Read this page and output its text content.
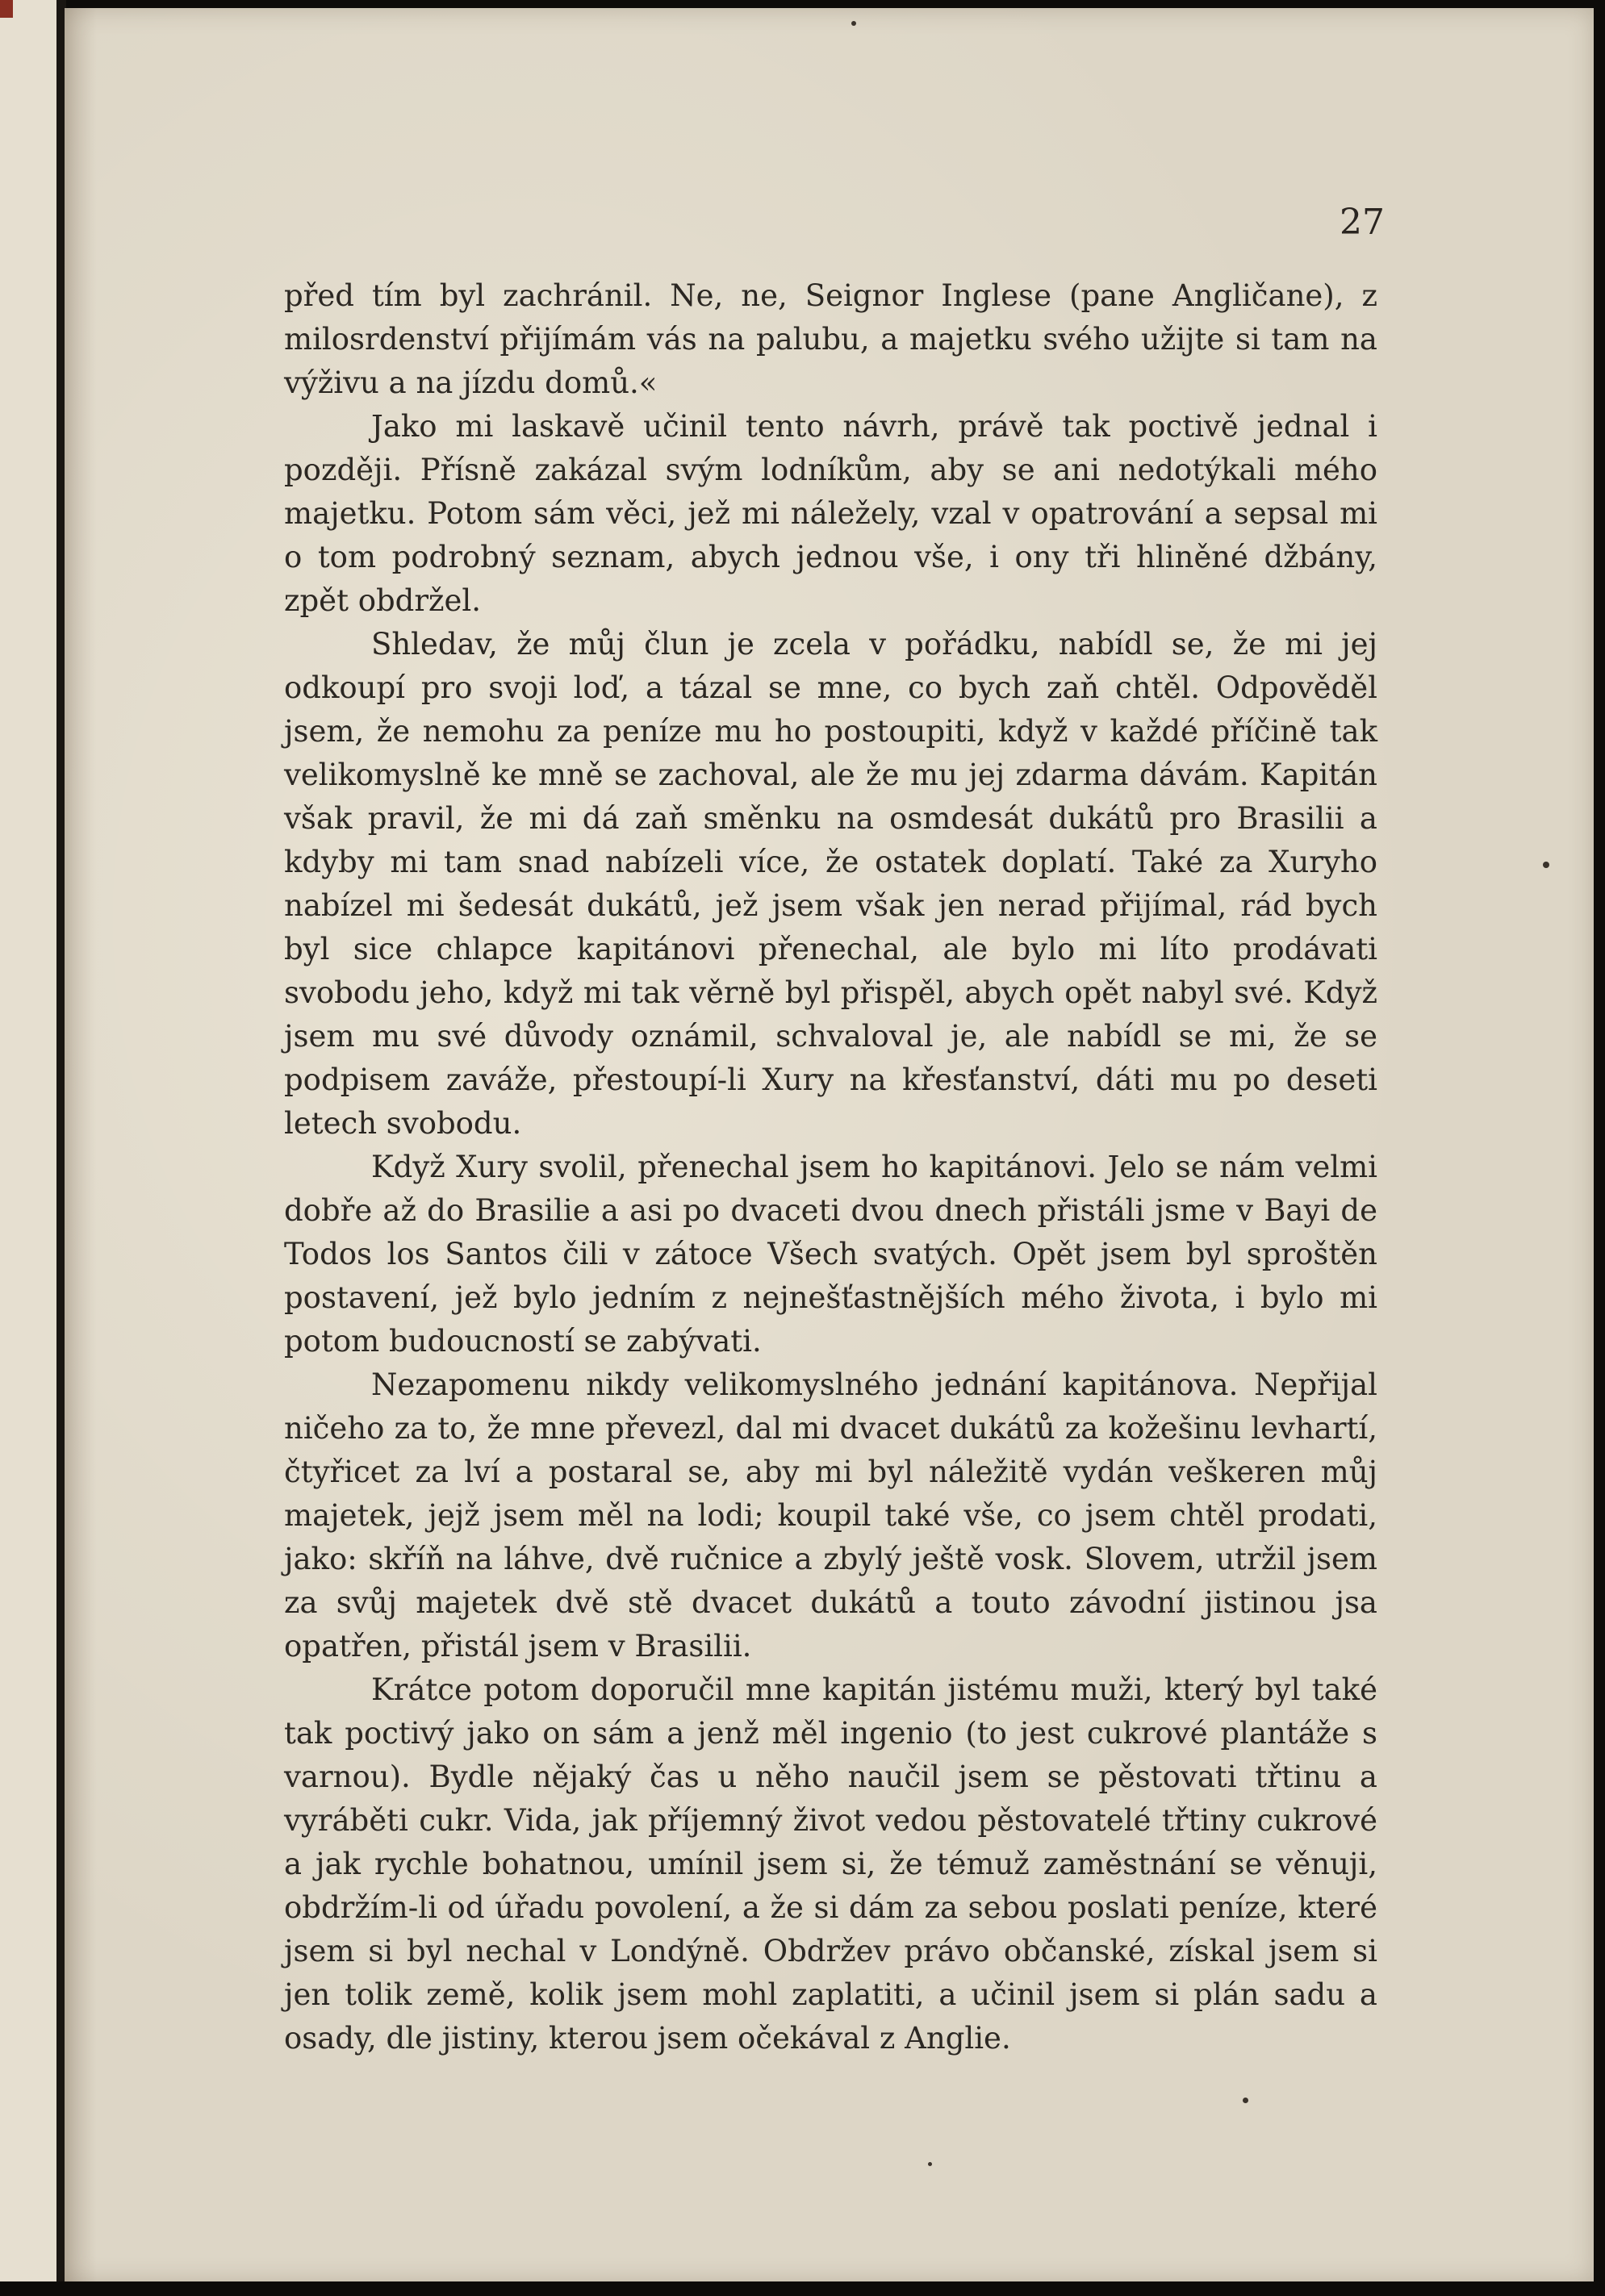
27

před tím byl zachránil. Ne, ne, Seignor Inglese (pane Angličane), z milosrdenství přijímám vás na palubu, a majetku svého užijte si tam na výživu a na jízdu domů.«

Jako mi laskavě učinil tento návrh, právě tak poctivě jednal i později. Přísně zakázal svým lodníkům, aby se ani nedotýkali mého majetku. Potom sám věci, jež mi náležely, vzal v opatrování a sepsal mi o tom podrobný seznam, abych jednou vše, i ony tři hliněné džbány, zpět obdržel.

Shledav, že můj člun je zcela v pořádku, nabídl se, že mi jej odkoupí pro svoji loď, a tázal se mne, co bych zaň chtěl. Odpověděl jsem, že nemohu za peníze mu ho postoupiti, když v každé příčině tak velikomyslně ke mně se zachoval, ale že mu jej zdarma dávám. Kapitán však pravil, že mi dá zaň směnku na osmdesát dukátů pro Brasilii a kdyby mi tam snad nabízeli více, že ostatek doplatí. Také za Xuryho nabízel mi šedesát dukátů, jež jsem však jen nerad přijímal, rád bych byl sice chlapce kapitánovi přenechal, ale bylo mi líto prodávati svobodu jeho, když mi tak věrně byl přispěl, abych opět nabyl své. Když jsem mu své důvody oznámil, schvaloval je, ale nabídl se mi, že se podpisem zaváže, přestoupí-li Xury na křesťanství, dáti mu po deseti letech svobodu.

Když Xury svolil, přenechal jsem ho kapitánovi. Jelo se nám velmi dobře až do Brasilie a asi po dvaceti dvou dnech přistáli jsme v Bayi de Todos los Santos čili v zátoce Všech svatých. Opět jsem byl sproštěn postavení, jež bylo jedním z nejnešťastnějších mého života, i bylo mi potom budoucností se zabývati.

Nezapomenu nikdy velikomyslného jednání kapitánova. Nepřijal ničeho za to, že mne převezl, dal mi dvacet dukátů za kožešinu levhartí, čtyřicet za lví a postaral se, aby mi byl náležitě vydán veškeren můj majetek, jejž jsem měl na lodi; koupil také vše, co jsem chtěl prodati, jako: skříň na láhve, dvě ručnice a zbylý ještě vosk. Slovem, utržil jsem za svůj majetek dvě stě dvacet dukátů a touto závodní jistinou jsa opatřen, přistál jsem v Brasilii.

Krátce potom doporučil mne kapitán jistému muži, který byl také tak poctivý jako on sám a jenž měl ingenio (to jest cukrové plantáže s varnou). Bydle nějaký čas u něho naučil jsem se pěstovati třtinu a vyráběti cukr. Vida, jak příjemný život vedou pěstovatelé třtiny cukrové a jak rychle bohatnou, umínil jsem si, že témuž zaměstnání se věnuji, obdržím-li od úřadu povolení, a že si dám za sebou poslati peníze, které jsem si byl nechal v Londýně. Obdržev právo občanské, získal jsem si jen tolik země, kolik jsem mohl zaplatiti, a učinil jsem si plán sadu a osady, dle jistiny, kterou jsem očekával z Anglie.
